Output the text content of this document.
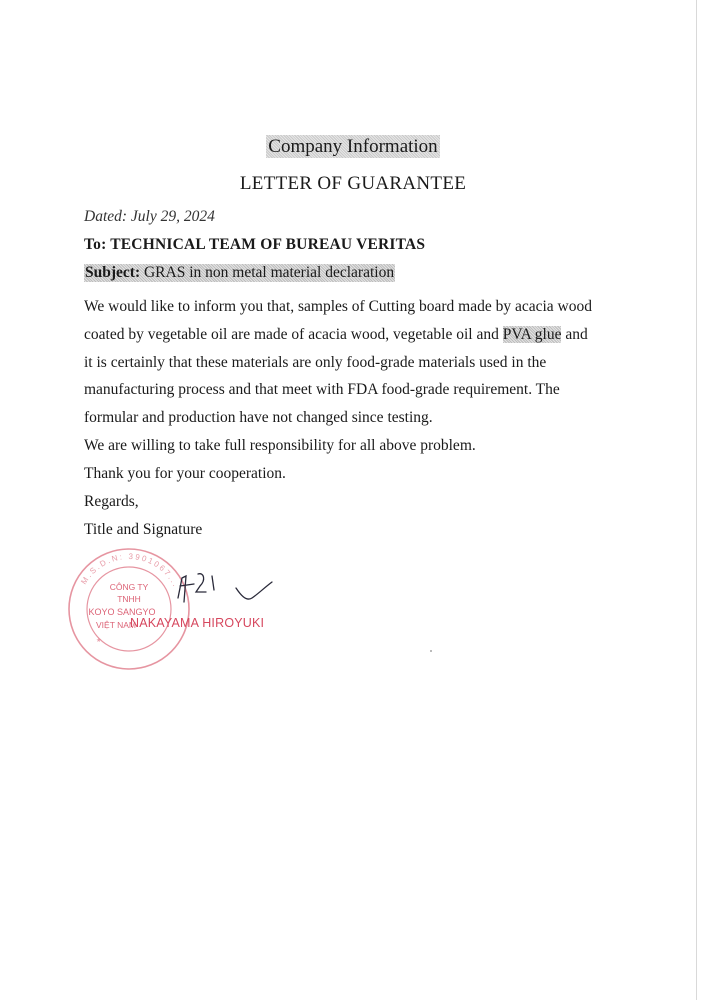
Company Information
LETTER OF GUARANTEE
Dated: July 29, 2024
To: TECHNICAL TEAM OF BUREAU VERITAS
Subject: GRAS in non metal material declaration
We would like to inform you that, samples of Cutting board made by acacia wood
coated by vegetable oil are made of acacia wood, vegetable oil and PVA glue and
it is certainly that these materials are only food-grade materials used in the
manufacturing process and that meet with FDA food-grade requirement. The
formular and production have not changed since testing.
We are willing to take full responsibility for all above problem.
Thank you for your cooperation.
Regards,
Title and Signature
M.S.D.N: 3901067...
CÔNG TY
TNHH
KOYO SANGYO
VIỆT NAM
★
NAKAYAMA HIROYUKI
